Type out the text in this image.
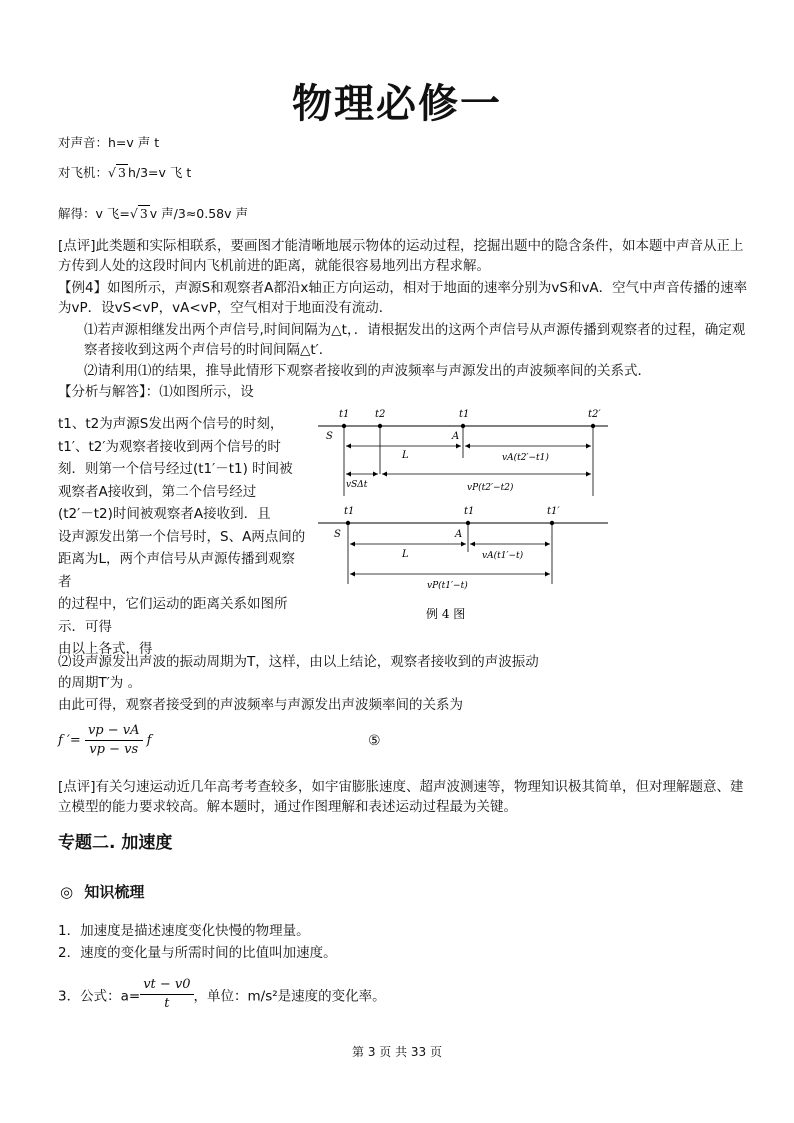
物理必修一
对声音：h=v 声 t
对飞机：√ 3 h/3=v 飞 t
解得：v 飞=√ 3 v 声/3≈0.58v 声
[点评]此类题和实际相联系，要画图才能清晰地展示物体的运动过程，挖掘出题中的隐含条件，如本题中声音从正上方传到人处的这段时间内飞机前进的距离，就能很容易地列出方程求解。
【例4】如图所示，声源S和观察者A都沿x轴正方向运动，相对于地面的速率分别为vS和vA．空气中声音传播的速率为vP．设vS<vP，vA<vP，空气相对于地面没有流动．
⑴若声源相继发出两个声信号,时间间隔为△t，．请根据发出的这两个声信号从声源传播到观察者的过程，确定观察者接收到这两个声信号的时间间隔△t′．
⑵请利用⑴的结果，推导此情形下观察者接收到的声波频率与声源发出的声波频率间的关系式．
【分析与解答】：⑴如图所示，设
t1、t2为声源S发出两个信号的时刻，
t1′、t2′为观察者接收到两个信号的时
刻．则第一个信号经过(t1′－t1) 时间被
观察者A接收到，第二个信号经过
(t2′－t2)时间被观察者A接收到．且
设声源发出第一个信号时，S、A两点间的
距离为L，两个声信号从声源传播到观察
者
的过程中，它们运动的距离关系如图所
示．可得
由以上各式，得
t1	t2	t1	t2′
S	A
L	vA(t2′−t1)
vSΔt	vP(t2′−t2)
t1	t1	t1′
S	A
L	vA(t1′−t)
vP(t1′−t)
例 4 图
⑵设声源发出声波的振动周期为T，这样，由以上结论，观察者接收到的声波振动
的周期T′为 。
由此可得，观察者接受到的声波频率与声源发出声波频率间的关系为
f ′= $\frac{vp - vA}{vp - vs}$ f	⑤
[点评]有关匀速运动近几年高考考查较多，如宇宙膨胀速度、超声波测速等，物理知识极其简单，但对理解题意、建立模型的能力要求较高。解本题时，通过作图理解和表述运动过程最为关键。
专题二. 加速度
◎ 知识梳理
1．加速度是描述速度变化快慢的物理量。
2．速度的变化量与所需时间的比值叫加速度。
3．公式：$a= \frac{vt - v0}{t}$ ，单位：m/s²是速度的变化率。
第 3 页 共 33 页
